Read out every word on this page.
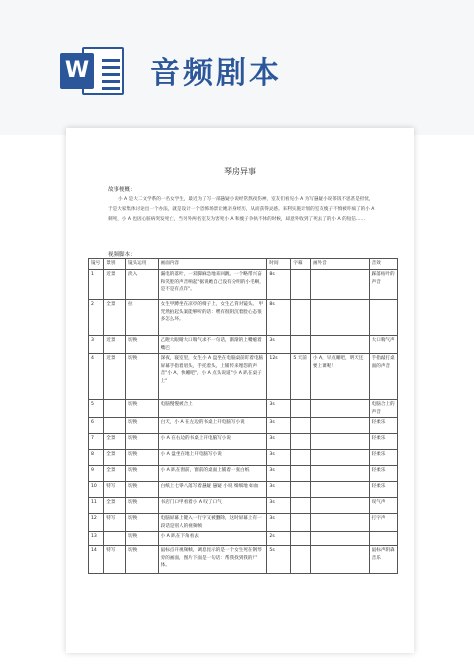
W 音频剧本
琴房异事
故事梗概：
小 A 是大二文学系的一名女学生，最近为了写一部悬疑小说经常熬夜伤神，室友们看见小 A 为写悬疑小说茶饭不思甚是担忧，于是大家集体讨论出一个办法，就是设计一个恐怖场景让她亲身经历，从而获得灵感。来利实施计划的室友瘦子不慎被吓疯了的小 A 刺死，小 A 也因心脏病突发死亡，当另外两名室友为害死小 A 和瘦子争执不休的时候，却意外收到了死去了的小 A 的短信……
视频脚本：
镜号	景别	镜头运用	画面内容	时间	字幕	画外音	音效
1	近景	淡入	漏电的落叶，一双脚麻急地来回踱。一个略带兴奋和笑腔的声音响起"据说她自己没有分明的小毛啊，是不是有点诈"。	8s			踩落枯叶的声音
2	全景	拉	女生甲蹲坐在凉亭的椅子上，女生乙背对镜头。 甲咒然拍起头案能够听的话：嘿有很阴沉着脸心态很多怎么坏。	8s			
3	近景	切换	乙瞪大眼睛大口喘气求不一句话，渐渐的上嘴瘪着嘴巴	3s			大口喘气声
4	近景	切换	深夜，寝室里，女生小 A 盘坐在电脑桌前盯着电脑屏幕手指着眉头，手托着头，上铺传来埋怨的声音"小 A，快睡吧"，小 A 点头说道"小 A 趴在桌子上"	12s	5 天前	小 A，早点睡吧，明天还要上课呢！	手指敲打桌面的声音
5		切换	电脑慢慢被合上	3s			电脑合上的声音
6		切换	白天，小 A 在左边的书桌上开电脑写小说	3s			轻柔乐
7	全景	切换	小 A 在右边的书桌上开电脑写小说	3s			轻柔乐
8	全景	切换	小 A 盘坐在地上开电脑写小说	3s			轻柔乐
9	全景	切换	小 A 趴在窗前，窗前的桌面上铺着一张白纸	3s			轻柔乐
10	特写	切换	白纸上七零八落写着悬疑 悬疑 小说 细细地 如血	3s			轻柔乐
11	全景	切换	书店门口甲看着小 A 叹了口气	3s			叹气声
12	特写	切换	电脑屏幕上键入一行字又被删除，这时屏幕上有一段话是别人的视频帧	3s			打字声
13		切换	小 A 趴在下角看去	2s			
14	特写	切换	鼠标点开视频帧，调息昆示的是一个女生死在钢琴旁的画面，图片下面是一句话：帮我找到我的尸体。	5s			鼠标声阴森音乐
